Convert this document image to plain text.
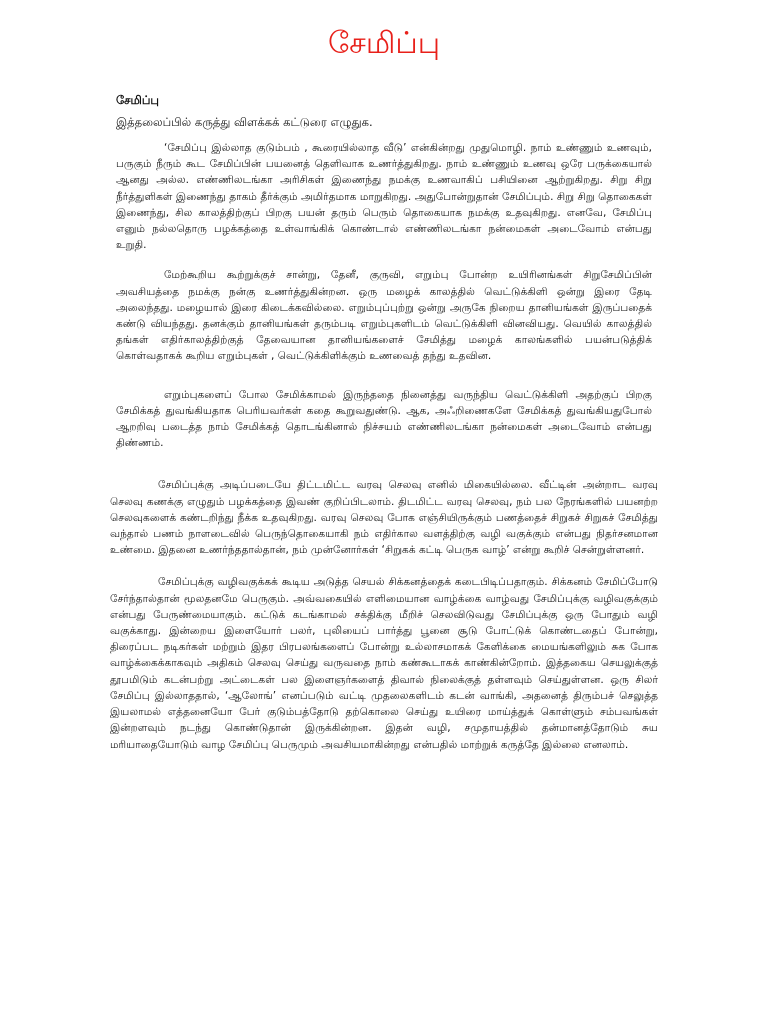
சேமிப்பு
சேமிப்பு
இத்தலைப்பில் கருத்து விளக்கக் கட்டுரை எழுதுக.

‘சேமிப்பு இல்லாத குடும்பம் , கூரையில்லாத வீடு’ என்கின்றது முதுமொழி. நாம் உண்ணும் உணவும், பருகும் நீரும் கூட சேமிப்பின் பயனைத் தெளிவாக உணர்த்துகிறது. நாம் உண்ணும் உணவு ஒரே பருக்கையால் ஆனது அல்ல. எண்ணிலடங்கா அரிசிகள் இணைந்து நமக்கு உணவாகிப் பசியினை ஆற்றுகிறது. சிறு சிறு நீர்த்துளிகள் இணைந்து தாகம் தீர்க்கும் அமிர்தமாக மாறுகிறது. அதுபோன்றுதான் சேமிப்பும். சிறு சிறு தொகைகள் இணைந்து, சில காலத்திற்குப் பிறகு பயன் தரும் பெரும் தொகையாக நமக்கு உதவுகிறது. எனவே, சேமிப்பு எனும் நல்லதொரு பழக்கத்தை உள்வாங்கிக் கொண்டால் எண்ணிலடங்கா நன்மைகள் அடைவோம் என்பது உறுதி.

மேற்கூறிய கூற்றுக்குச் சான்று, தேனீ, குருவி, எறும்பு போன்ற உயிரினங்கள் சிறுசேமிப்பின் அவசியத்தை நமக்கு நன்கு உணர்த்துகின்றன. ஒரு மழைக் காலத்தில் வெட்டுக்கிளி ஒன்று இரை தேடி அலைந்தது. மழையால் இரை கிடைக்கவில்லை. எறும்புப்புற்று ஒன்று அருகே நிறைய தானியங்கள் இருப்பதைக் கண்டு வியந்தது. தனக்கும் தானியங்கள் தரும்படி எறும்புகளிடம் வெட்டுக்கிளி வினவியது. வெயில் காலத்தில் தங்கள் எதிர்காலத்திற்குத் தேவையான தானியங்களைச் சேமித்து மழைக் காலங்களில் பயன்படுத்திக் கொள்வதாகக் கூறிய எறும்புகள் , வெட்டுக்கிளிக்கும் உணவைத் தந்து உதவின.

எறும்புகளைப் போல சேமிக்காமல் இருந்ததை நினைத்து வருந்திய வெட்டுக்கிளி அதற்குப் பிறகு சேமிக்கத் துவங்கியதாக பெரியவர்கள் கதை கூறுவதுண்டு. ஆக, அஃறிணைகளே சேமிக்கத் துவங்கியதுபோல் ஆறறிவு படைத்த நாம் சேமிக்கத் தொடங்கினால் நிச்சயம் எண்ணிலடங்கா நன்மைகள் அடைவோம் என்பது திண்ணம்.

சேமிப்புக்கு அடிப்படையே திட்டமிட்ட வரவு செலவு எனில் மிகையில்லை. வீட்டின் அன்றாட வரவு செலவு கணக்கு எழுதும் பழக்கத்தை இவண் குறிப்பிடலாம். திடமிட்ட வரவு செலவு, நம் பல நேரங்களில் பயனற்ற செலவுகளைக் கண்டறிந்து நீக்க உதவுகிறது. வரவு செலவு போக எஞ்சியிருக்கும் பணத்தைச் சிறுகச் சிறுகச் சேமித்து வந்தால் பணம் நாளடைவில் பெருந்தொகையாகி நம் எதிர்கால வளத்திற்கு வழி வகுக்கும் என்பது நிதர்சனமான உண்மை. இதனை உணர்ந்ததால்தான், நம் முன்னோர்கள் ‘சிறுகக் கட்டி பெருக வாழ்’ என்று கூறிச் சென்றுள்ளனர்.

சேமிப்புக்கு வழிவகுக்கக் கூடிய அடுத்த செயல் சிக்கனத்தைக் கடைபிடிப்பதாகும். சிக்கனம் சேமிப்போடு சேர்ந்தால்தான் மூலதனமே பெருகும். அவ்வகையில் எளிமையான வாழ்க்கை வாழ்வது சேமிப்புக்கு வழிவகுக்கும் என்பது பேருண்மையாகும். கட்டுக் கடங்காமல் சக்திக்கு மீறிச் செலவிடுவது சேமிப்புக்கு ஒரு போதும் வழி வகுக்காது. இன்றைய இளையோர் பலர், புலியைப் பார்த்து பூனை சூடு போட்டுக் கொண்டதைப் போன்று, திரைப்பட நடிகர்கள் மற்றும் இதர பிரபலங்களைப் போன்று உல்லாசமாகக் கேளிக்கை மையங்களிலும் சுக போக வாழ்க்கைக்காகவும் அதிகம் செலவு செய்து வருவதை நாம் கண்கூடாகக் காண்கின்றோம். இத்தகைய செயலுக்குத் தூபமிடும் கடன்பற்று அட்டைகள் பல இளைஞர்களைத் திவால் நிலைக்குத் தள்ளவும் செய்துள்ளன. ஒரு சிலர் சேமிப்பு இல்லாததால், ‘ஆலோங்’ எனப்படும் வட்டி முதலைகளிடம் கடன் வாங்கி, அதனைத் திரும்பச் செலுத்த இயலாமல் எத்தனையோ பேர் குடும்பத்தோடு தற்கொலை செய்து உயிரை மாய்த்துக் கொள்ளும் சம்பவங்கள் இன்றளவும் நடந்து கொண்டுதான் இருக்கின்றன. இதன் வழி, சமுதாயத்தில் தன்மானத்தோடும் சுய மரியாதையோடும் வாழ சேமிப்பு பெருமும் அவசியமாகின்றது என்பதில் மாற்றுக் கருத்தே இல்லை எனலாம்.
